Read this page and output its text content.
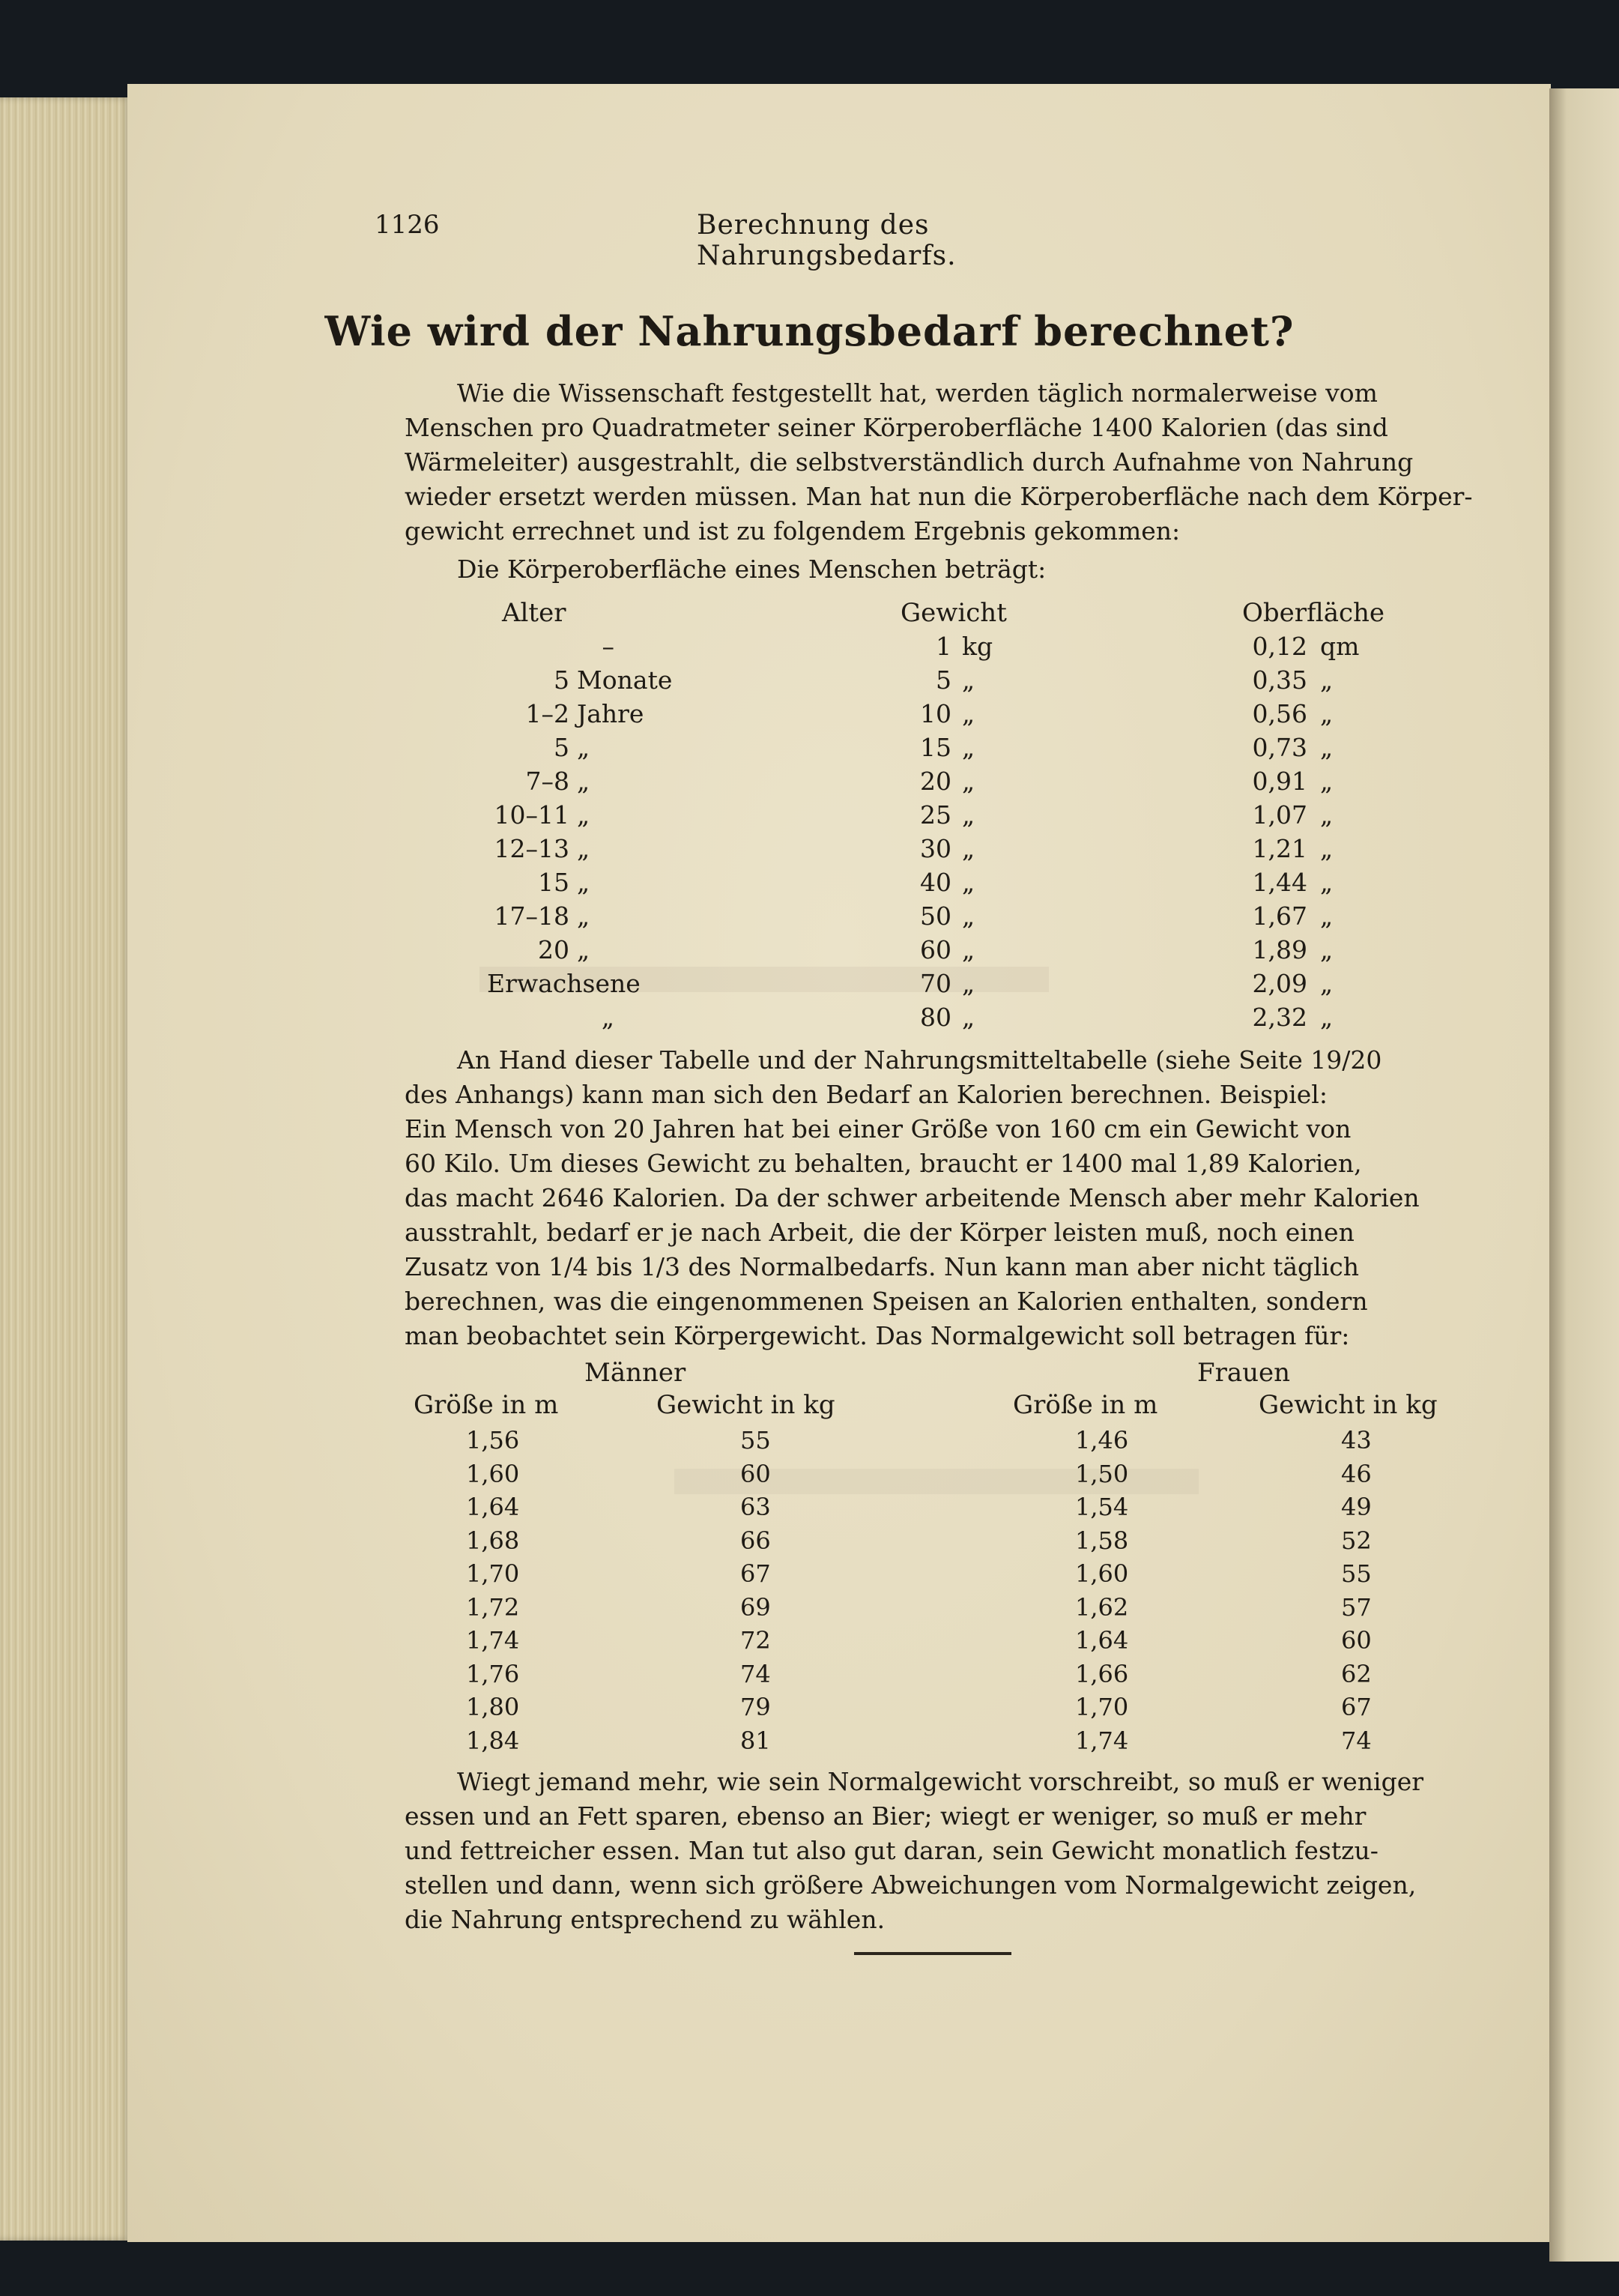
1126	Berechnung des Nahrungsbedarfs.
Wie wird der Nahrungsbedarf berechnet?
Wie die Wissenschaft festgestellt hat, werden täglich normalerweise vom
Menschen pro Quadratmeter seiner Körperoberfläche 1400 Kalorien (das sind
Wärmeleiter) ausgestrahlt, die selbstverständlich durch Aufnahme von Nahrung
wieder ersetzt werden müssen. Man hat nun die Körperoberfläche nach dem Körper-
gewicht errechnet und ist zu folgendem Ergebnis gekommen:
Die Körperoberfläche eines Menschen beträgt:
Alter	Gewicht	Oberfläche
–	1 kg	0,12 qm
5 Monate	5 „	0,35 „
1–2 Jahre	10 „	0,56 „
5 „	15 „	0,73 „
7–8 „	20 „	0,91 „
10–11 „	25 „	1,07 „
12–13 „	30 „	1,21 „
15 „	40 „	1,44 „
17–18 „	50 „	1,67 „
20 „	60 „	1,89 „
Erwachsene	70 „	2,09 „
„	80 „	2,32 „
An Hand dieser Tabelle und der Nahrungsmitteltabelle (siehe Seite 19/20
des Anhangs) kann man sich den Bedarf an Kalorien berechnen. Beispiel:
Ein Mensch von 20 Jahren hat bei einer Größe von 160 cm ein Gewicht von
60 Kilo. Um dieses Gewicht zu behalten, braucht er 1400 mal 1,89 Kalorien,
das macht 2646 Kalorien. Da der schwer arbeitende Mensch aber mehr Kalorien
ausstrahlt, bedarf er je nach Arbeit, die der Körper leisten muß, noch einen
Zusatz von 1/4 bis 1/3 des Normalbedarfs. Nun kann man aber nicht täglich
berechnen, was die eingenommenen Speisen an Kalorien enthalten, sondern
man beobachtet sein Körpergewicht. Das Normalgewicht soll betragen für:
Männer	Frauen
Größe in m	Gewicht in kg	Größe in m	Gewicht in kg
1,56	55	1,46	43
1,60	60	1,50	46
1,64	63	1,54	49
1,68	66	1,58	52
1,70	67	1,60	55
1,72	69	1,62	57
1,74	72	1,64	60
1,76	74	1,66	62
1,80	79	1,70	67
1,84	81	1,74	74
Wiegt jemand mehr, wie sein Normalgewicht vorschreibt, so muß er weniger
essen und an Fett sparen, ebenso an Bier; wiegt er weniger, so muß er mehr
und fettreicher essen. Man tut also gut daran, sein Gewicht monatlich festzu-
stellen und dann, wenn sich größere Abweichungen vom Normalgewicht zeigen,
die Nahrung entsprechend zu wählen.
